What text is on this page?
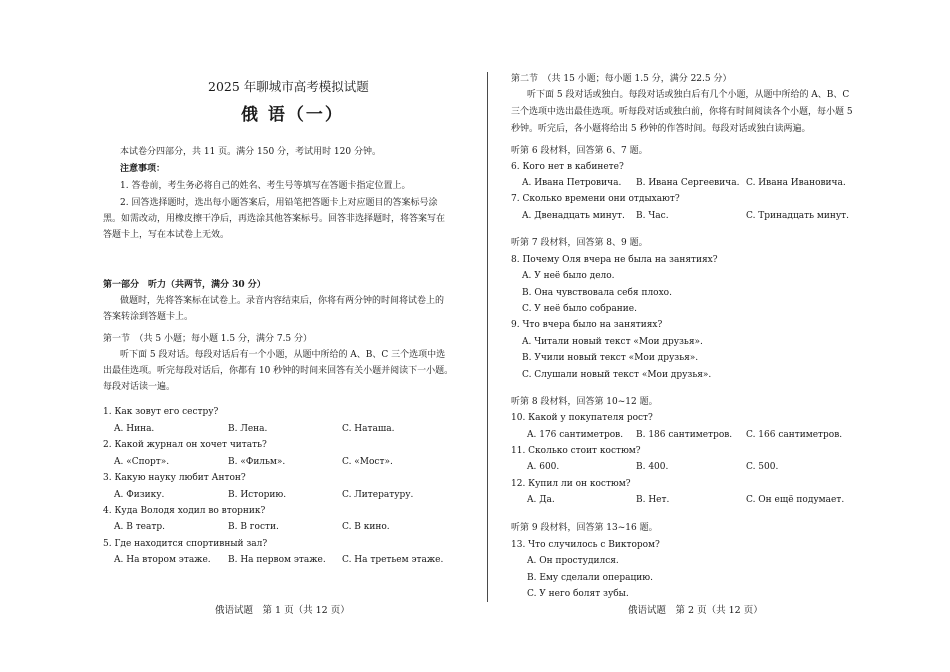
2025 年聊城市高考模拟试题
俄 语（一）
本试卷分四部分，共 11 页。满分 150 分，考试用时 120 分钟。
注意事项：
1. 答卷前，考生务必将自己的姓名、考生号等填写在答题卡指定位置上。
2. 回答选择题时，选出每小题答案后，用铅笔把答题卡上对应题目的答案标号涂
黑。如需改动，用橡皮擦干净后，再选涂其他答案标号。回答非选择题时，将答案写在
答题卡上，写在本试卷上无效。
第一部分　听力（共两节，满分 30 分）
做题时，先将答案标在试卷上。录音内容结束后，你将有两分钟的时间将试卷上的
答案转涂到答题卡上。
第一节　（共 5 小题；每小题 1.5 分，满分 7.5 分）
听下面 5 段对话。每段对话后有一个小题，从题中所给的 A、B、C 三个选项中选
出最佳选项。听完每段对话后，你都有 10 秒钟的时间来回答有关小题并阅读下一小题。
每段对话读一遍。
1. Как зовут его сестру?
A. Нина.	B. Лена.	C. Наташа.
2. Какой журнал он хочет читать?
A. «Спорт».	B. «Фильм».	C. «Мост».
3. Какую науку любит Антон?
A. Физику.	B. Историю.	C. Литературу.
4. Куда Володя ходил во вторник?
A. В театр.	B. В гости.	C. В кино.
5. Где находится спортивный зал?
A. На втором этаже. B. На первом этаже. C. На третьем этаже.
俄语试题　第 1 页（共 12 页）
第二节　（共 15 小题；每小题 1.5 分，满分 22.5 分）
听下面 5 段对话或独白。每段对话或独白后有几个小题，从题中所给的 A、B、C
三个选项中选出最佳选项。听每段对话或独白前，你将有时间阅读各个小题，每小题 5
秒钟。听完后，各小题将给出 5 秒钟的作答时间。每段对话或独白读两遍。
听第 6 段材料，回答第 6、7 题。
6. Кого нет в кабинете?
A. Ивана Петровича. B. Ивана Сергеевича. C. Ивана Ивановича.
7. Сколько времени они отдыхают?
A. Двенадцать минут. B. Час.	C. Тринадцать минут.
听第 7 段材料，回答第 8、9 题。
8. Почему Оля вчера не была на занятиях?
A. У неё было дело.
B. Она чувствовала себя плохо.
C. У неё было собрание.
9. Что вчера было на занятиях?
A. Читали новый текст «Мои друзья».
B. Учили новый текст «Мои друзья».
C. Слушали новый текст «Мои друзья».
听第 8 段材料，回答第 10~12 题。
10. Какой у покупателя рост?
A. 176 сантиметров. B. 186 сантиметров. C. 166 сантиметров.
11. Сколько стоит костюм?
A. 600.	B. 400.	C. 500.
12. Купил ли он костюм?
A. Да.	B. Нет.	C. Он ещё подумает.
听第 9 段材料，回答第 13~16 题。
13. Что случилось с Виктором?
A. Он простудился.
B. Ему сделали операцию.
C. У него болят зубы.
俄语试题　第 2 页（共 12 页）
